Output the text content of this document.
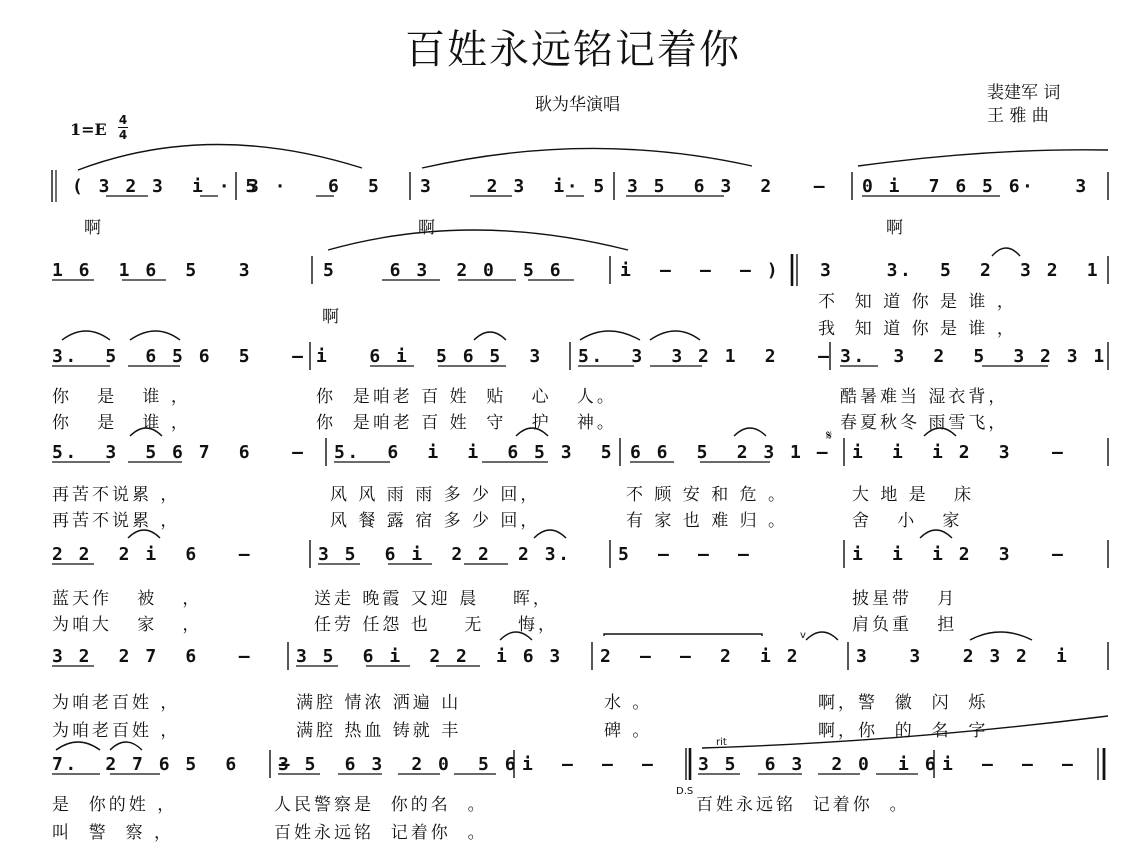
百姓永远铭记着你
耿为华演唱
裴建军 词
王 雅 曲
1=E 4
4
( 3 2 3  i · 5
3 ·   6  5 3    2 3  i· 5 3 5  6 3  2   – 0 i  7 6 5 6·   3
啊	啊	啊
1 6  1 6  5   3	5    6 3  2 0  5 6	i  –  –  – ) 3    3.  5  2  3 2  1
啊
不  知 道 你 是 谁 ，
我  知 道 你 是 谁 ，
3.  5  6 5 6  5   – i   6 i  5 6 5  3 5.  3  3 2 1  2   – 3.  3  2  5  3 2 3 1
你   是   谁 ，	你  是咱老 百 姓  贴   心   人。	酷暑难当 湿衣背，
你   是   谁 ，	你  是咱老 百 姓  守   护   神。	春夏秋冬 雨雪飞，
5.  3  5 6 7  6   – 5.  6  i  i  6 5 3  5 6 6  5  2 3 1 – i  i  i 2  3   –
𝄋
再苦不说累 ，	风 风 雨 雨 多 少 回，	不 顾 安 和 危 。	大 地 是   床
再苦不说累 ，	风 餐 露 宿 多 少 回，	有 家 也 难 归 。	舍   小   家
2 2  2 i  6   –	3 5  6 i  2 2  2 3.	5  –  –  –	i  i  i 2  3   –
蓝天作   被   ，	送走 晚霞 又迎 晨    晖，	披星带   月
为咱大   家   ，	任劳 任怨 也    无    悔，	肩负重   担
3 2  2 7  6   – 3 5  6 i  2 2  i 6 3 2  –  –  2  i 2	3   3   2 3 2  i
v
为咱老百姓 ，	满腔 情浓 洒遍 山	水 。	啊，警  徽  闪  烁
为咱老百姓 ，	满腔 热血 铸就 丰	碑 。	啊，你  的  名  字
7.  2 7 6 5  6   –
3 5  6 3  2 0  5 6 i  –  –  – 3 5  6 3  2 0  i 6 i  –  –  –
rit
D.S
是  你的姓 ，	人民警察是  你的名  。	百姓永远铭  记着你  。
叫  警  察 ，	百姓永远铭  记着你  。
